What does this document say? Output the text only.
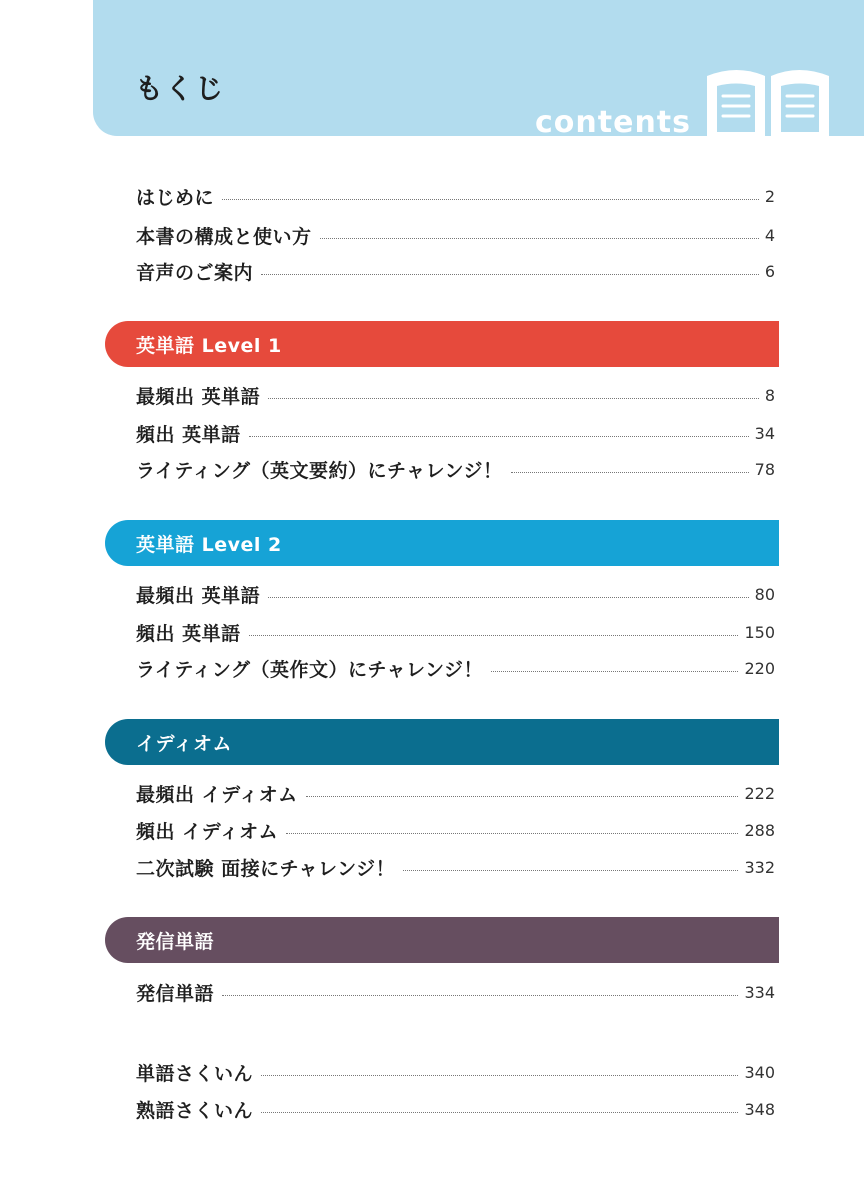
もくじ
contents
はじめに	2
本書の構成と使い方	4
音声のご案内	6
英単語 Level 1
最頻出 英単語	8
頻出 英単語	34
ライティング（英文要約）にチャレンジ！	78
英単語 Level 2
最頻出 英単語	80
頻出 英単語	150
ライティング（英作文）にチャレンジ！	220
イディオム
最頻出 イディオム	222
頻出 イディオム	288
二次試験 面接にチャレンジ！	332
発信単語
発信単語	334
単語さくいん	340
熟語さくいん	348
